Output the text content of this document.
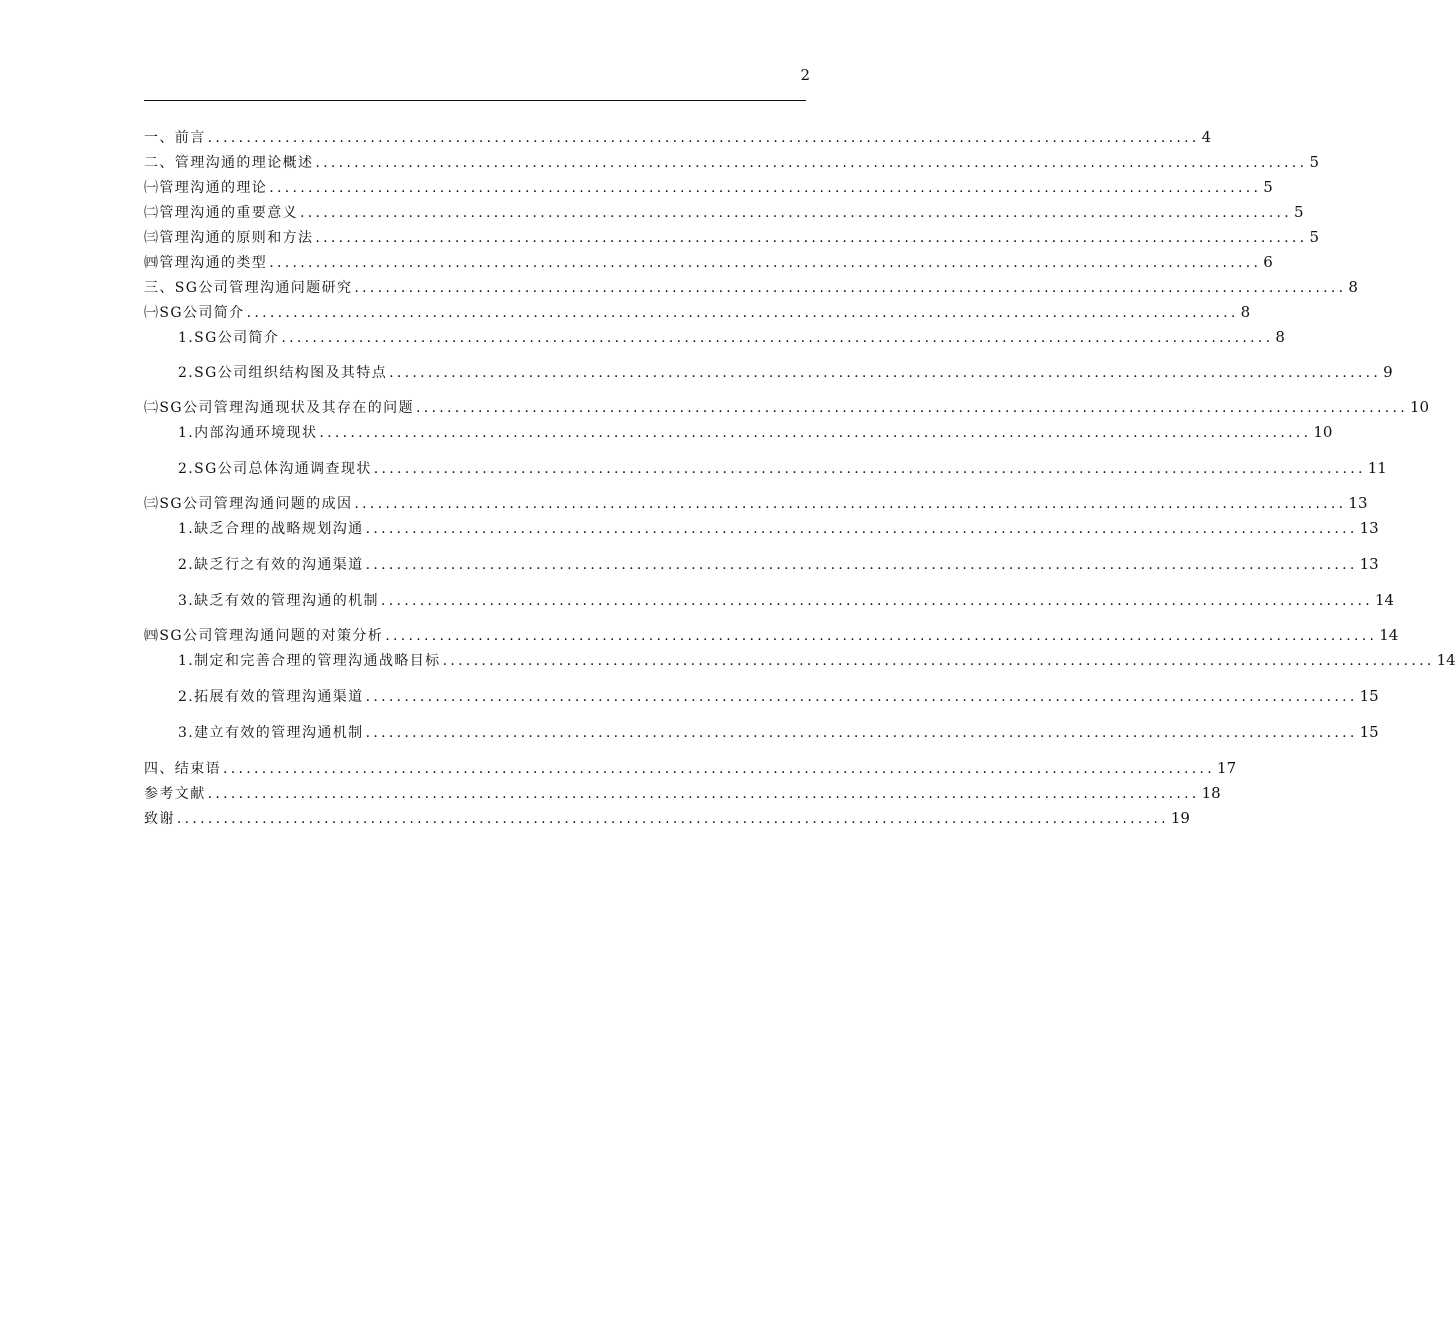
2
一、前言 ................................................................................................................................ 4
二、管理沟通的理论概述 ................................................................................................................................ 5
㈠管理沟通的理论 ................................................................................................................................ 5
㈡管理沟通的重要意义 ................................................................................................................................ 5
㈢管理沟通的原则和方法 ................................................................................................................................ 5
㈣管理沟通的类型 ................................................................................................................................ 6
三、SG公司管理沟通问题研究 ................................................................................................................................ 8
㈠SG公司简介 ................................................................................................................................ 8
1.SG公司简介 ................................................................................................................................ 8
2.SG公司组织结构图及其特点 ................................................................................................................................ 9
㈡SG公司管理沟通现状及其存在的问题 ................................................................................................................................ 10
1.内部沟通环境现状 ................................................................................................................................ 10
2.SG公司总体沟通调查现状 ................................................................................................................................ 11
㈢SG公司管理沟通问题的成因 ................................................................................................................................ 13
1.缺乏合理的战略规划沟通 ................................................................................................................................ 13
2.缺乏行之有效的沟通渠道 ................................................................................................................................ 13
3.缺乏有效的管理沟通的机制 ................................................................................................................................ 14
㈣SG公司管理沟通问题的对策分析 ................................................................................................................................ 14
1.制定和完善合理的管理沟通战略目标 ................................................................................................................................ 14
2.拓展有效的管理沟通渠道 ................................................................................................................................ 15
3.建立有效的管理沟通机制 ................................................................................................................................ 15
四、结束语 ................................................................................................................................ 17
参考文献 ................................................................................................................................ 18
致谢 ................................................................................................................................ 19
